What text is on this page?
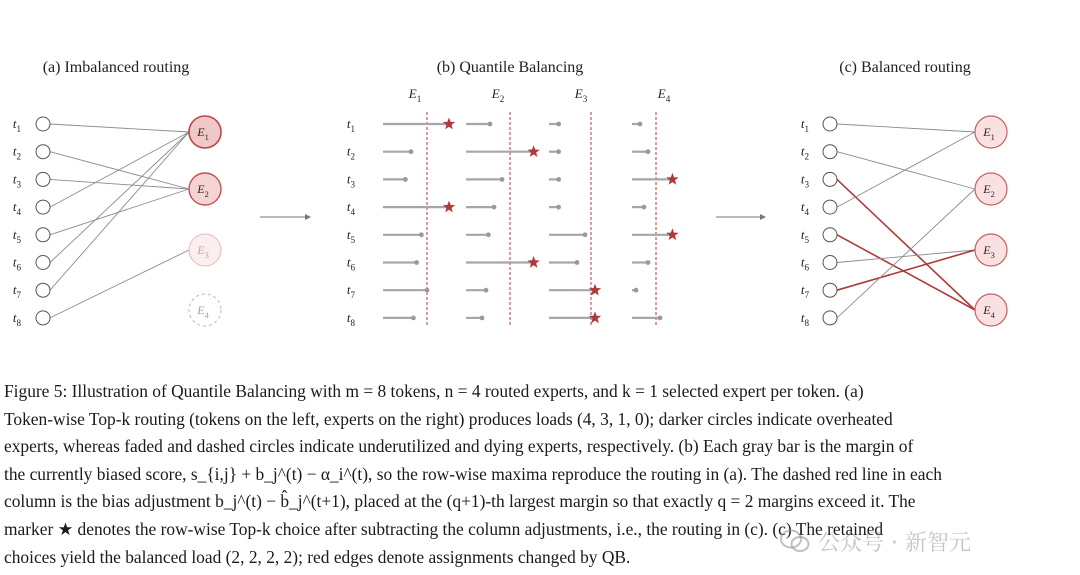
(a) Imbalanced routing	(b) Quantile Balancing	(c) Balanced routing
$t_1$
$t_2$
$t_3$
$t_4$
$t_5$
$t_6$
$t_7$
$t_8$
$E_1$
$E_2$
$E_3$
$E_4$
$E_1$	$E_2$	$E_3$	$E_4$
$t_1$
$t_2$
$t_3$
$t_4$
$t_5$
$t_6$
$t_7$
$t_8$
$t_1$
$t_2$
$t_3$
$t_4$
$t_5$
$t_6$
$t_7$
$t_8$
$E_1$
$E_2$
$E_3$
$E_4$
Figure 5: Illustration of Quantile Balancing with m = 8 tokens, n = 4 routed experts, and k = 1 selected expert per token. (a)
Token-wise Top-k routing (tokens on the left, experts on the right) produces loads (4, 3, 1, 0); darker circles indicate overheated
experts, whereas faded and dashed circles indicate underutilized and dying experts, respectively. (b) Each gray bar is the margin of
the currently biased score, s_{i,j} + b_j^(t) − α_i^(t), so the row-wise maxima reproduce the routing in (a). The dashed red line in each
column is the bias adjustment b_j^(t) − b̂_j^(t+1), placed at the (q+1)-th largest margin so that exactly q = 2 margins exceed it. The
marker ★ denotes the row-wise Top-k choice after subtracting the column adjustments, i.e., the routing in (c). (c) The retained
choices yield the balanced load (2, 2, 2, 2); red edges denote assignments changed by QB.
公众号 · 新智元
